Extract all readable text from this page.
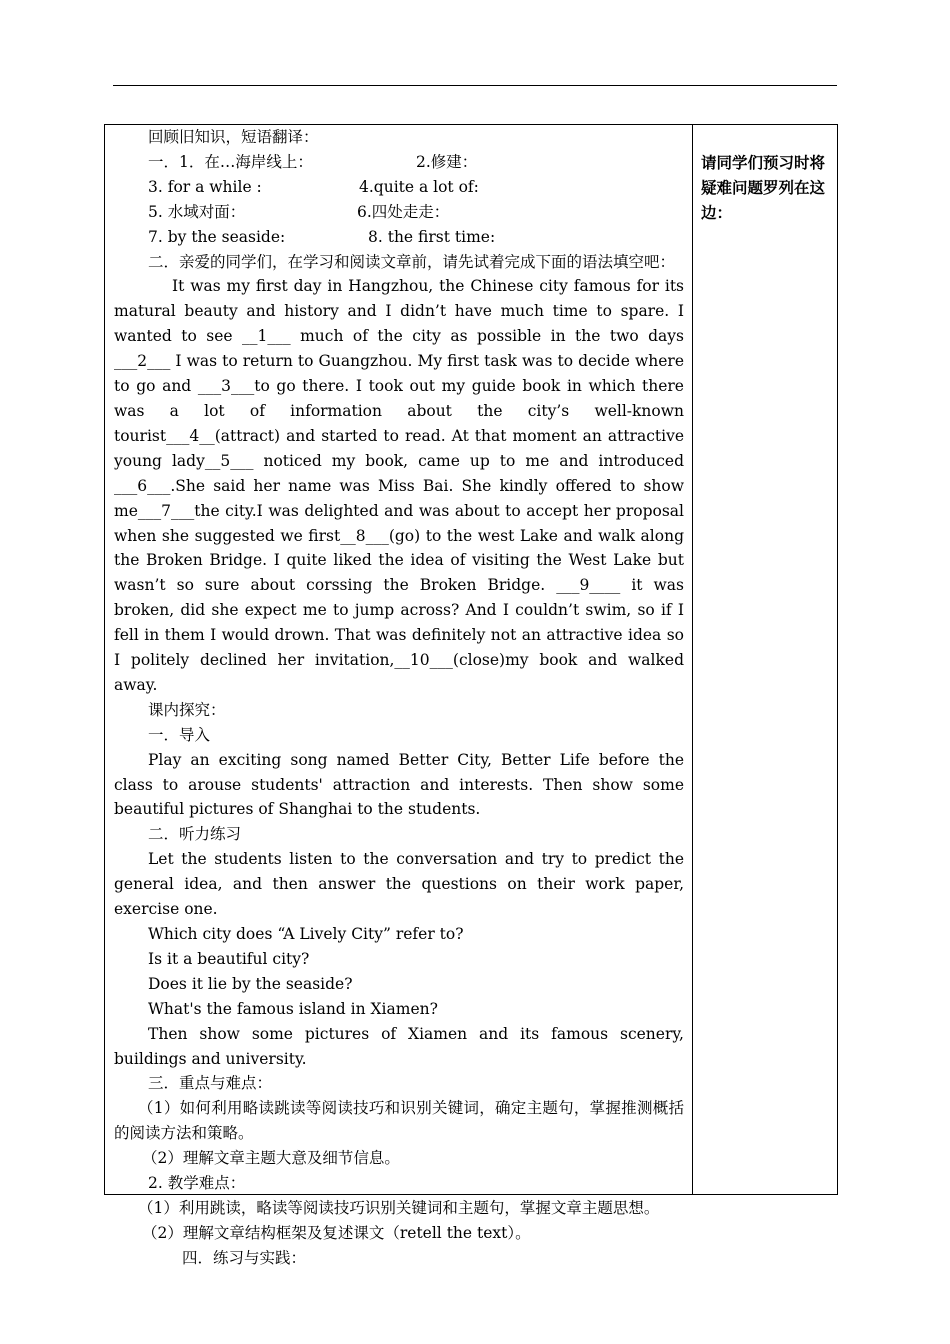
回顾旧知识，短语翻译：

一．1．在…海岸线上：	2.修建：
3. for a while :	4.quite a lot of:
5. 水域对面：	6.四处走走：
7. by the seaside:	8. the first time:

二．亲爱的同学们，在学习和阅读文章前，请先试着完成下面的语法填空吧：

It was my first day in Hangzhou, the Chinese city famous for its matural beauty and history and I didn’t have much time to spare. I wanted to see __1___ much of the city as possible in the two days ___2___ I was to return to Guangzhou. My first task was to decide where to go and ___3___to go there. I took out my guide book in which there was a lot of information about the city’s well-known tourist___4__(attract) and started to read. At that moment an attractive young lady__5___ noticed my book, came up to me and introduced ___6___.She said her name was Miss Bai. She kindly offered to show me___7___the city.I was delighted and was about to accept her proposal when she suggested we first__8___(go) to the west Lake and walk along the Broken Bridge. I quite liked the idea of visiting the West Lake but wasn’t so sure about corssing the Broken Bridge. ___9____ it was broken, did she expect me to jump across? And I couldn’t swim, so if I fell in them I would drown. That was definitely not an attractive idea so I politely declined her invitation,__10___(close)my book and walked away.

课内探究：

一．导入

Play an exciting song named Better City, Better Life before the class to arouse students' attraction and interests. Then show some beautiful pictures of Shanghai to the students.

二．听力练习

Let the students listen to the conversation and try to predict the general idea, and then answer the questions on their work paper, exercise one.

Which city does “A Lively City” refer to?

Is it a beautiful city?

Does it lie by the seaside?

What's the famous island in Xiamen?

Then show some pictures of Xiamen and its famous scenery, buildings and university.

三．重点与难点：

（1）如何利用略读跳读等阅读技巧和识别关键词，确定主题句，掌握推测概括的阅读方法和策略。

（2）理解文章主题大意及细节信息。

2. 教学难点：

（1）利用跳读，略读等阅读技巧识别关键词和主题句，掌握文章主题思想。

（2）理解文章结构框架及复述课文（retell the text）。

四．练习与实践：

请同学们预习时将疑难问题罗列在这边：
